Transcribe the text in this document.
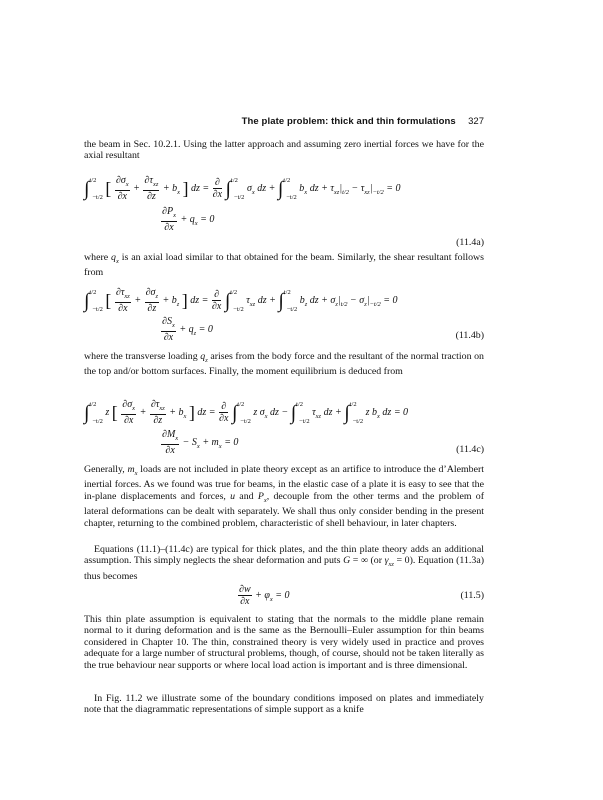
The plate problem: thick and thin formulations 327
the beam in Sec. 10.2.1. Using the latter approach and assuming zero inertial forces we have for the axial resultant
∫$^{t/2}_{-t/2}$ [ $\frac{\partial\sigma_x}{\partial x} + \frac{\partial\tau_{xz}}{\partial z} + b_x$ ] dz = $\frac{\partial}{\partial x} \int^{t/2}_{-t/2}$ $\sigma_x$ dz + ∫$^{t/2}_{-t/2}$ $b_x$ dz + $\tau_{xz}|_{t/2} - \tau_{xz}|_{-t/2} = 0$
$\frac{\partial P_x}{\partial x} + q_x = 0$
(11.4a)
where $q_x$ is an axial load similar to that obtained for the beam. Similarly, the shear resultant follows from
∫$^{t/2}_{-t/2}$ [ $\frac{\partial\tau_{xz}}{\partial x} + \frac{\partial\sigma_z}{\partial z} + b_z$ ] dz = $\frac{\partial}{\partial x} \int^{t/2}_{-t/2}$ $\tau_{xz}$ dz + ∫$^{t/2}_{-t/2}$ $b_z$ dz + $\sigma_z|_{t/2} - \sigma_z|_{-t/2} = 0$
$\frac{\partial S_x}{\partial x} + q_z = 0$
(11.4b)
where the transverse loading $q_z$ arises from the body force and the resultant of the normal traction on the top and/or bottom surfaces. Finally, the moment equilibrium is deduced from
∫$^{t/2}_{-t/2}$ z [ $\frac{\partial\sigma_x}{\partial x} + \frac{\partial\tau_{xz}}{\partial z} + b_x$ ] dz = $\frac{\partial}{\partial x} \int^{t/2}_{-t/2}$ z $\sigma_x$ dz − ∫$^{t/2}_{-t/2}$ $\tau_{xz}$ dz + ∫$^{t/2}_{-t/2}$ z $b_x$ dz = 0
$\frac{\partial M_x}{\partial x} - S_x + m_x = 0$
(11.4c)
Generally, $m_x$ loads are not included in plate theory except as an artifice to introduce the d’Alembert inertial forces. As we found was true for beams, in the elastic case of a plate it is easy to see that the in-plane displacements and forces, u and $P_x$, decouple from the other terms and the problem of lateral deformations can be dealt with separately. We shall thus only consider bending in the present chapter, returning to the combined problem, characteristic of shell behaviour, in later chapters.
Equations (11.1)–(11.4c) are typical for thick plates, and the thin plate theory adds an additional assumption. This simply neglects the shear deformation and puts G = ∞ (or $\gamma_{xz} = 0$). Equation (11.3a) thus becomes
$\frac{\partial w}{\partial x} + \varphi_x = 0$	(11.5)
This thin plate assumption is equivalent to stating that the normals to the middle plane remain normal to it during deformation and is the same as the Bernoulli–Euler assumption for thin beams considered in Chapter 10. The thin, constrained theory is very widely used in practice and proves adequate for a large number of structural problems, though, of course, should not be taken literally as the true behaviour near supports or where local load action is important and is three dimensional.
In Fig. 11.2 we illustrate some of the boundary conditions imposed on plates and immediately note that the diagrammatic representations of simple support as a knife
